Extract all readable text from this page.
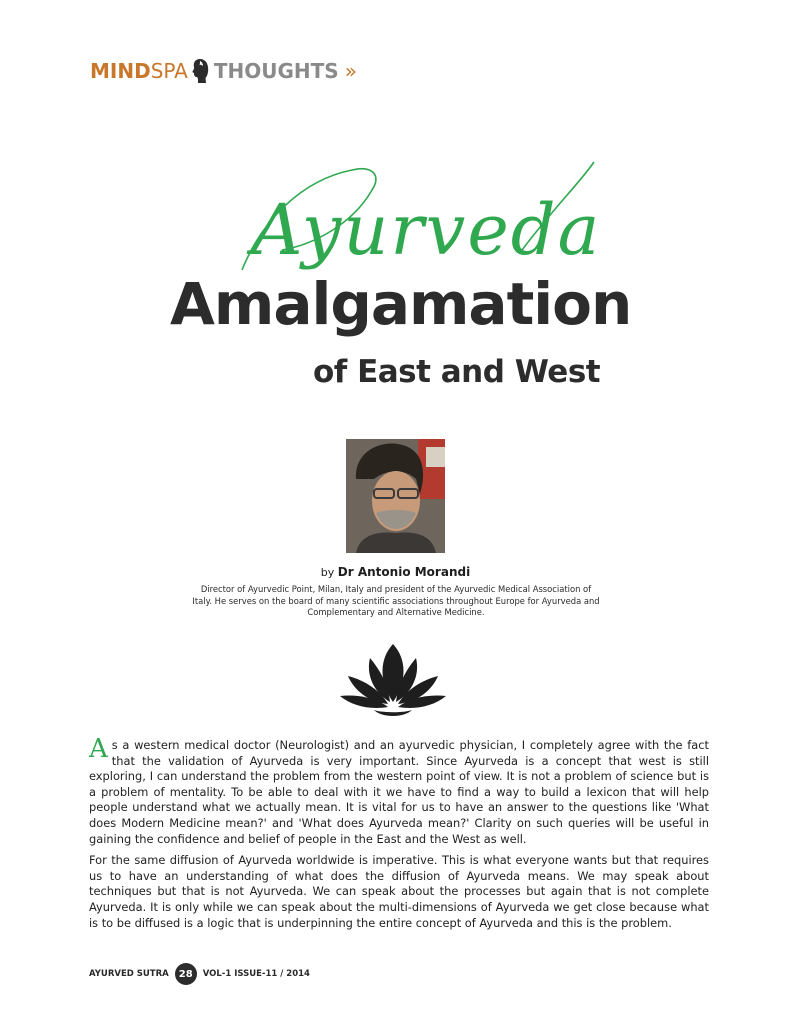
MIND SPA THOUGHTS »
Ayurveda
Amalgamation
of East and West
by Dr Antonio Morandi
Director of Ayurvedic Point, Milan, Italy and president of the Ayurvedic Medical Association of Italy. He serves on the board of many scientific associations throughout Europe for Ayurveda and Complementary and Alternative Medicine.

As a western medical doctor (Neurologist) and an ayurvedic physician, I completely agree with the fact that the validation of Ayurveda is very important. Since Ayurveda is a concept that west is still exploring, I can understand the problem from the western point of view. It is not a problem of science but is a problem of mentality. To be able to deal with it we have to find a way to build a lexicon that will help people understand what we actually mean. It is vital for us to have an answer to the questions like 'What does Modern Medicine mean?' and 'What does Ayurveda mean?' Clarity on such queries will be useful in gaining the confidence and belief of people in the East and the West as well.

For the same diffusion of Ayurveda worldwide is imperative. This is what everyone wants but that requires us to have an understanding of what does the diffusion of Ayurveda means. We may speak about techniques but that is not Ayurveda. We can speak about the processes but again that is not complete Ayurveda. It is only while we can speak about the multi-dimensions of Ayurveda we get close because what is to be diffused is a logic that is underpinning the entire concept of Ayurveda and this is the problem.

AYURVED SUTRA	28	VOL-1 ISSUE-11 / 2014
